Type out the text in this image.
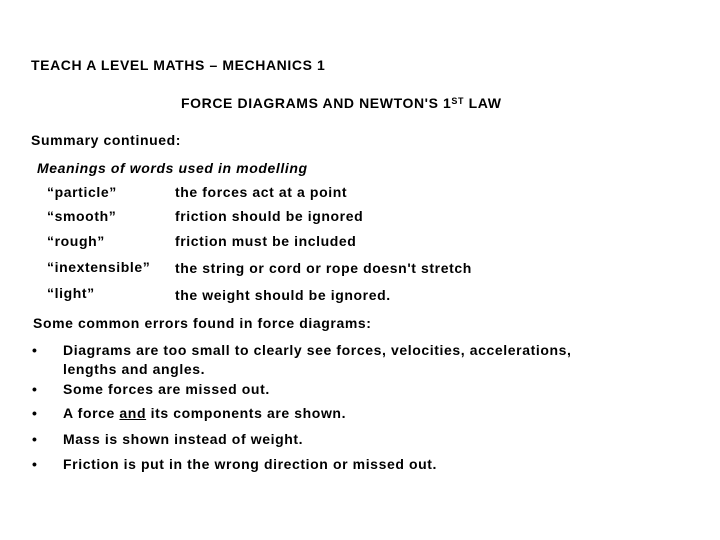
TEACH A LEVEL MATHS – MECHANICS 1
FORCE DIAGRAMS AND NEWTON'S 1ST LAW
Summary continued:
Meanings of words used in modelling
“particle”	the forces act at a point
“smooth”	friction should be ignored
“rough”	friction must be included
“inextensible” the string or cord or rope doesn't stretch
“light”	the weight should be ignored.
Some common errors found in force diagrams:
• Diagrams are too small to clearly see forces, velocities, accelerations,
lengths and angles.
• Some forces are missed out.
• A force and its components are shown.
• Mass is shown instead of weight.
• Friction is put in the wrong direction or missed out.
